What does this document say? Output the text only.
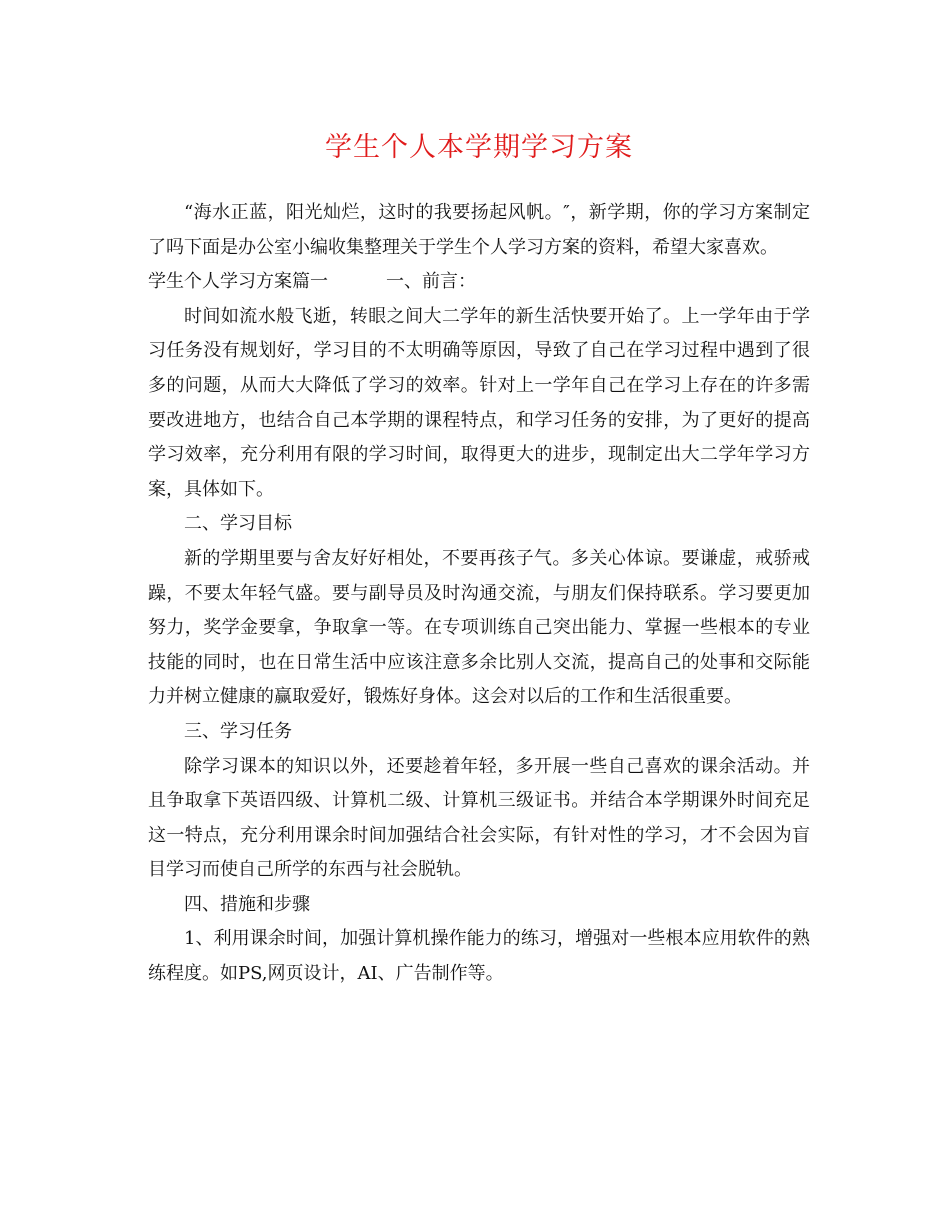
学生个人本学期学习方案

“海水正蓝，阳光灿烂，这时的我要扬起风帆。″，新学期，你的学习方案制定了吗下面是办公室小编收集整理关于学生个人学习方案的资料，希望大家喜欢。

学生个人学习方案篇一	一、前言：

时间如流水般飞逝，转眼之间大二学年的新生活快要开始了。上一学年由于学习任务没有规划好，学习目的不太明确等原因，导致了自己在学习过程中遇到了很多的问题，从而大大降低了学习的效率。针对上一学年自己在学习上存在的许多需要改进地方，也结合自己本学期的课程特点，和学习任务的安排，为了更好的提高学习效率，充分利用有限的学习时间，取得更大的进步，现制定出大二学年学习方案，具体如下。

二、学习目标

新的学期里要与舍友好好相处，不要再孩子气。多关心体谅。要谦虚，戒骄戒躁，不要太年轻气盛。要与副导员及时沟通交流，与朋友们保持联系。学习要更加努力，奖学金要拿，争取拿一等。在专项训练自己突出能力、掌握一些根本的专业技能的同时，也在日常生活中应该注意多余比别人交流，提高自己的处事和交际能力并树立健康的赢取爱好，锻炼好身体。这会对以后的工作和生活很重要。

三、学习任务

除学习课本的知识以外，还要趁着年轻，多开展一些自己喜欢的课余活动。并且争取拿下英语四级、计算机二级、计算机三级证书。并结合本学期课外时间充足这一特点，充分利用课余时间加强结合社会实际，有针对性的学习，才不会因为盲目学习而使自己所学的东西与社会脱轨。

四、措施和步骤

1、利用课余时间，加强计算机操作能力的练习，增强对一些根本应用软件的熟练程度。如PS,网页设计，AI、广告制作等。
